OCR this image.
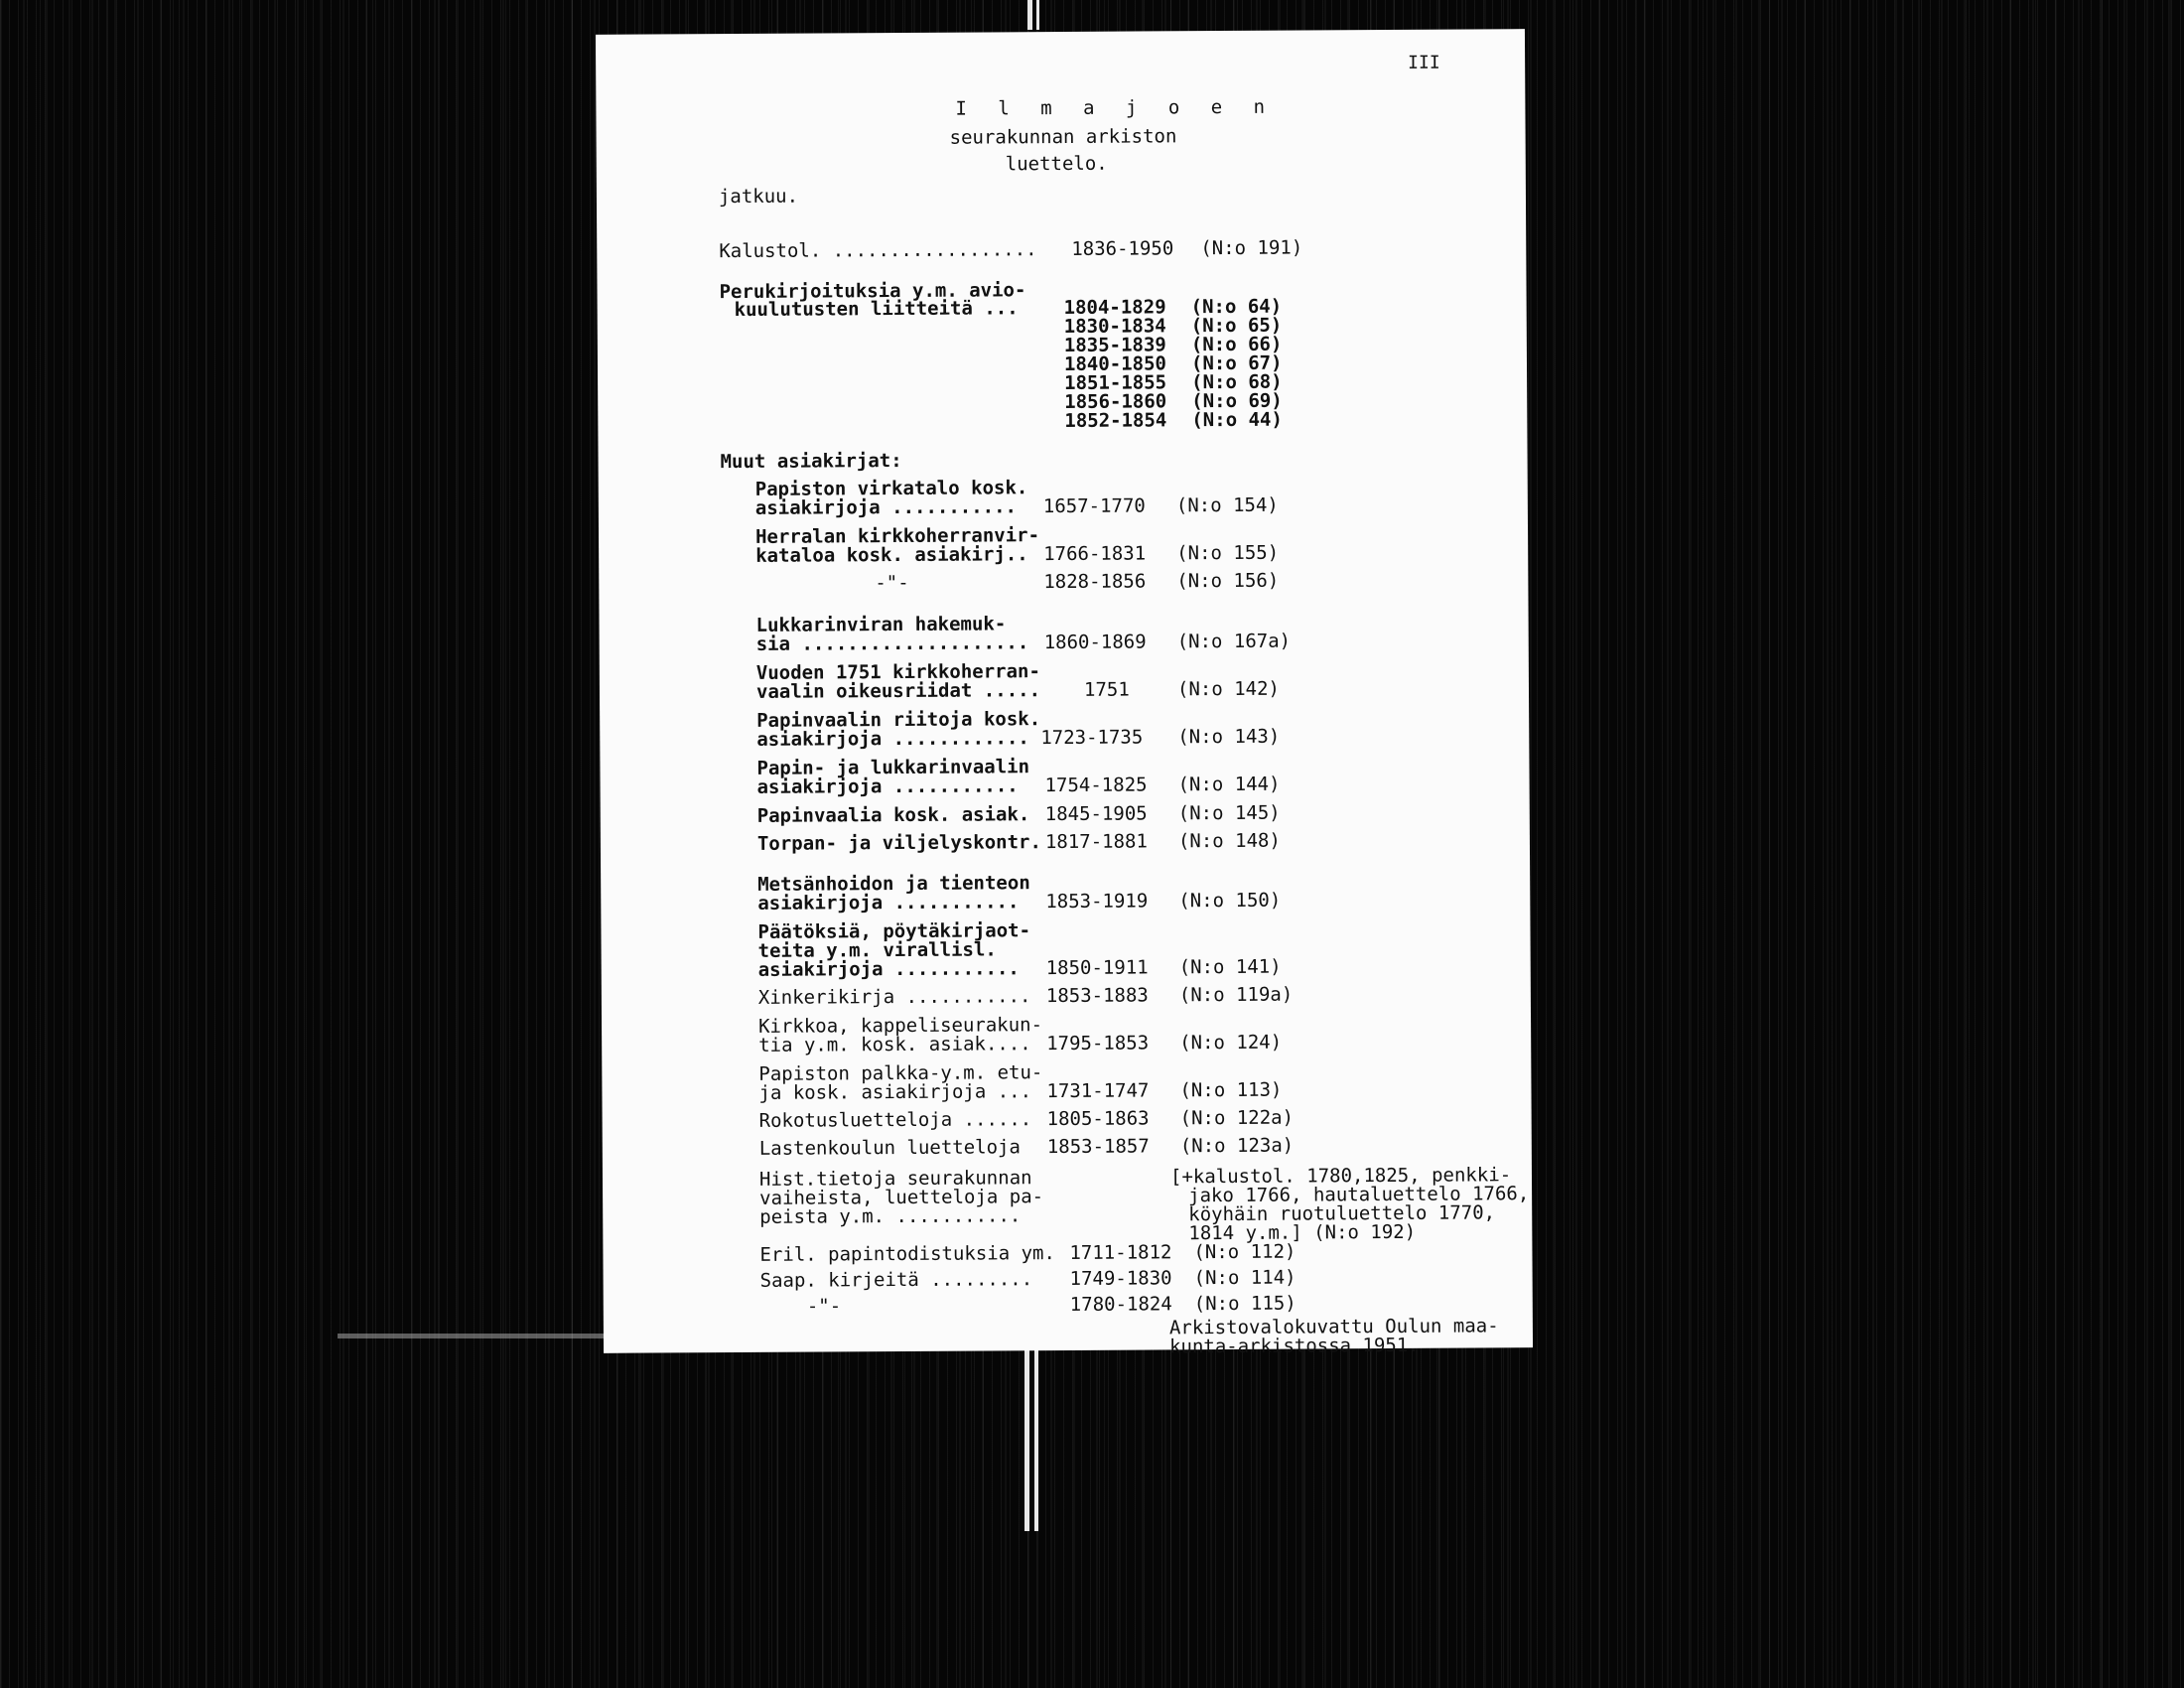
III
I l m a j o e n
seurakunnan arkiston
luettelo.
jatkuu.
Kalustol. .................. 1836-1950 (N:o 191)
Perukirjoituksia y.m. avio-
kuulutusten liitteitä ... 1804-1829 (N:o 64)
1830-1834 (N:o 65)
1835-1839 (N:o 66)
1840-1850 (N:o 67)
1851-1855 (N:o 68)
1856-1860 (N:o 69)
1852-1854 (N:o 44)
Muut asiakirjat:
Papiston virkatalo kosk.
asiakirjoja ........... 1657-1770 (N:o 154)
Herralan kirkkoherranvir-
kataloa kosk. asiakirj.. 1766-1831 (N:o 155)
-"-	1828-1856 (N:o 156)
Lukkarinviran hakemuk-
sia .................... 1860-1869 (N:o 167a)
Vuoden 1751 kirkkoherran-
vaalin oikeusriidat ..... 1751	(N:o 142)
Papinvaalin riitoja kosk.
asiakirjoja ............ 1723-1735 (N:o 143)
Papin- ja lukkarinvaalin
asiakirjoja ........... 1754-1825 (N:o 144)
Papinvaalia kosk. asiak. 1845-1905 (N:o 145)
Torpan- ja viljelyskontr. 1817-1881 (N:o 148)
Metsänhoidon ja tienteon
asiakirjoja ........... 1853-1919 (N:o 150)
Päätöksiä, pöytäkirjaot-
teita y.m. virallisl.
asiakirjoja ........... 1850-1911 (N:o 141)
Xinkerikirja ........... 1853-1883 (N:o 119a)
Kirkkoa, kappeliseurakun-
tia y.m. kosk. asiak.... 1795-1853 (N:o 124)
Papiston palkka-y.m. etu-
ja kosk. asiakirjoja ... 1731-1747 (N:o 113)
Rokotusluetteloja ...... 1805-1863 (N:o 122a)
Lastenkoulun luetteloja 1853-1857 (N:o 123a)
Hist.tietoja seurakunnan
vaiheista, luetteloja pa-
peista y.m. ...........
[+kalustol. 1780,1825, penkki-
jako 1766, hautaluettelo 1766,
köyhäin ruotuluettelo 1770,
1814 y.m.] (N:o 192)
Eril. papintodistuksia ym. 1711-1812 (N:o 112)
Saap. kirjeitä ......... 1749-1830 (N:o 114)
-"-	1780-1824 (N:o 115)
Arkistovalokuvattu Oulun maa-
kunta-arkistossa 1951.
